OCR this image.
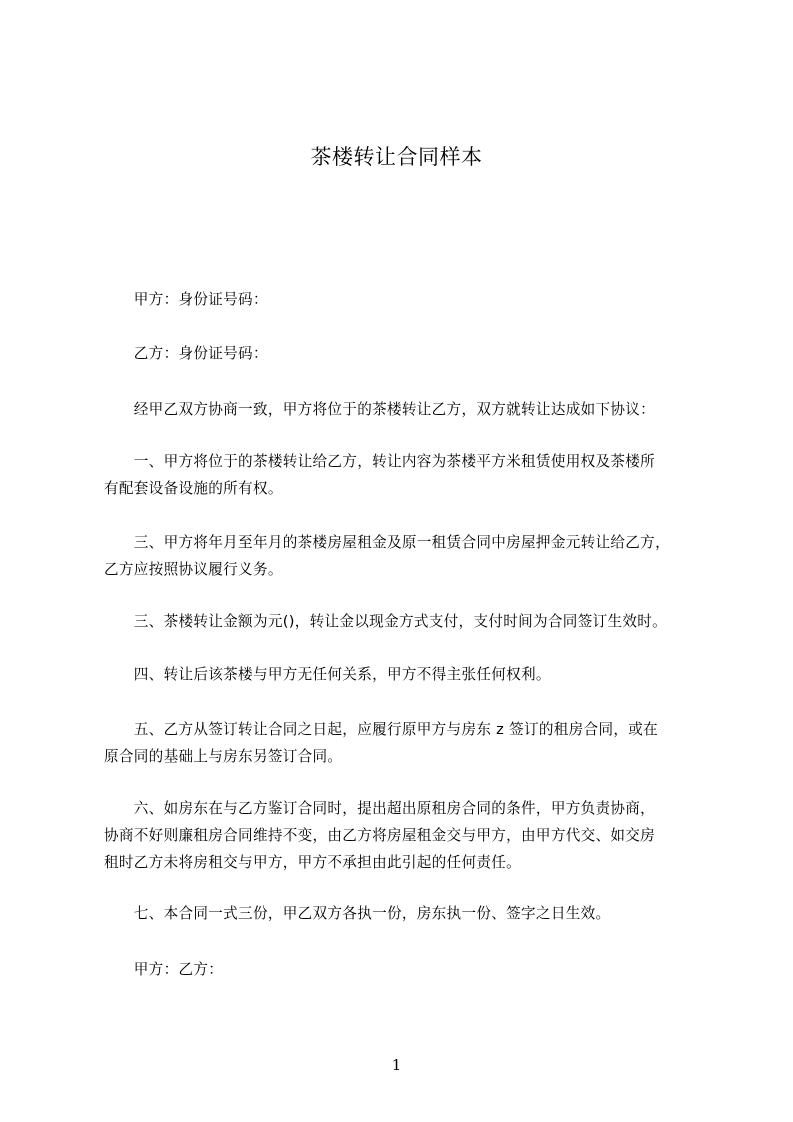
茶楼转让合同样本
　　甲方：身份证号码：
　　乙方：身份证号码：
　　经甲乙双方协商一致，甲方将位于的茶楼转让乙方，双方就转让达成如下协议：
　　一、甲方将位于的茶楼转让给乙方，转让内容为茶楼平方米租赁使用权及茶楼所
有配套设备设施的所有权。
　　三、甲方将年月至年月的茶楼房屋租金及原一租赁合同中房屋押金元转让给乙方，
乙方应按照协议履行义务。
　　三、茶楼转让金额为元()，转让金以现金方式支付，支付时间为合同签订生效时。
　　四、转让后该茶楼与甲方无任何关系，甲方不得主张任何权利。
　　五、乙方从签订转让合同之日起，应履行原甲方与房东 z 签订的租房合同，或在
原合同的基础上与房东另签订合同。
　　六、如房东在与乙方鉴订合同时，提出超出原租房合同的条件，甲方负责协商，
协商不好则廉租房合同维持不变，由乙方将房屋租金交与甲方，由甲方代交、如交房
租时乙方未将房租交与甲方，甲方不承担由此引起的任何责任。
　　七、本合同一式三份，甲乙双方各执一份，房东执一份、签字之日生效。
　　甲方：乙方：
1
